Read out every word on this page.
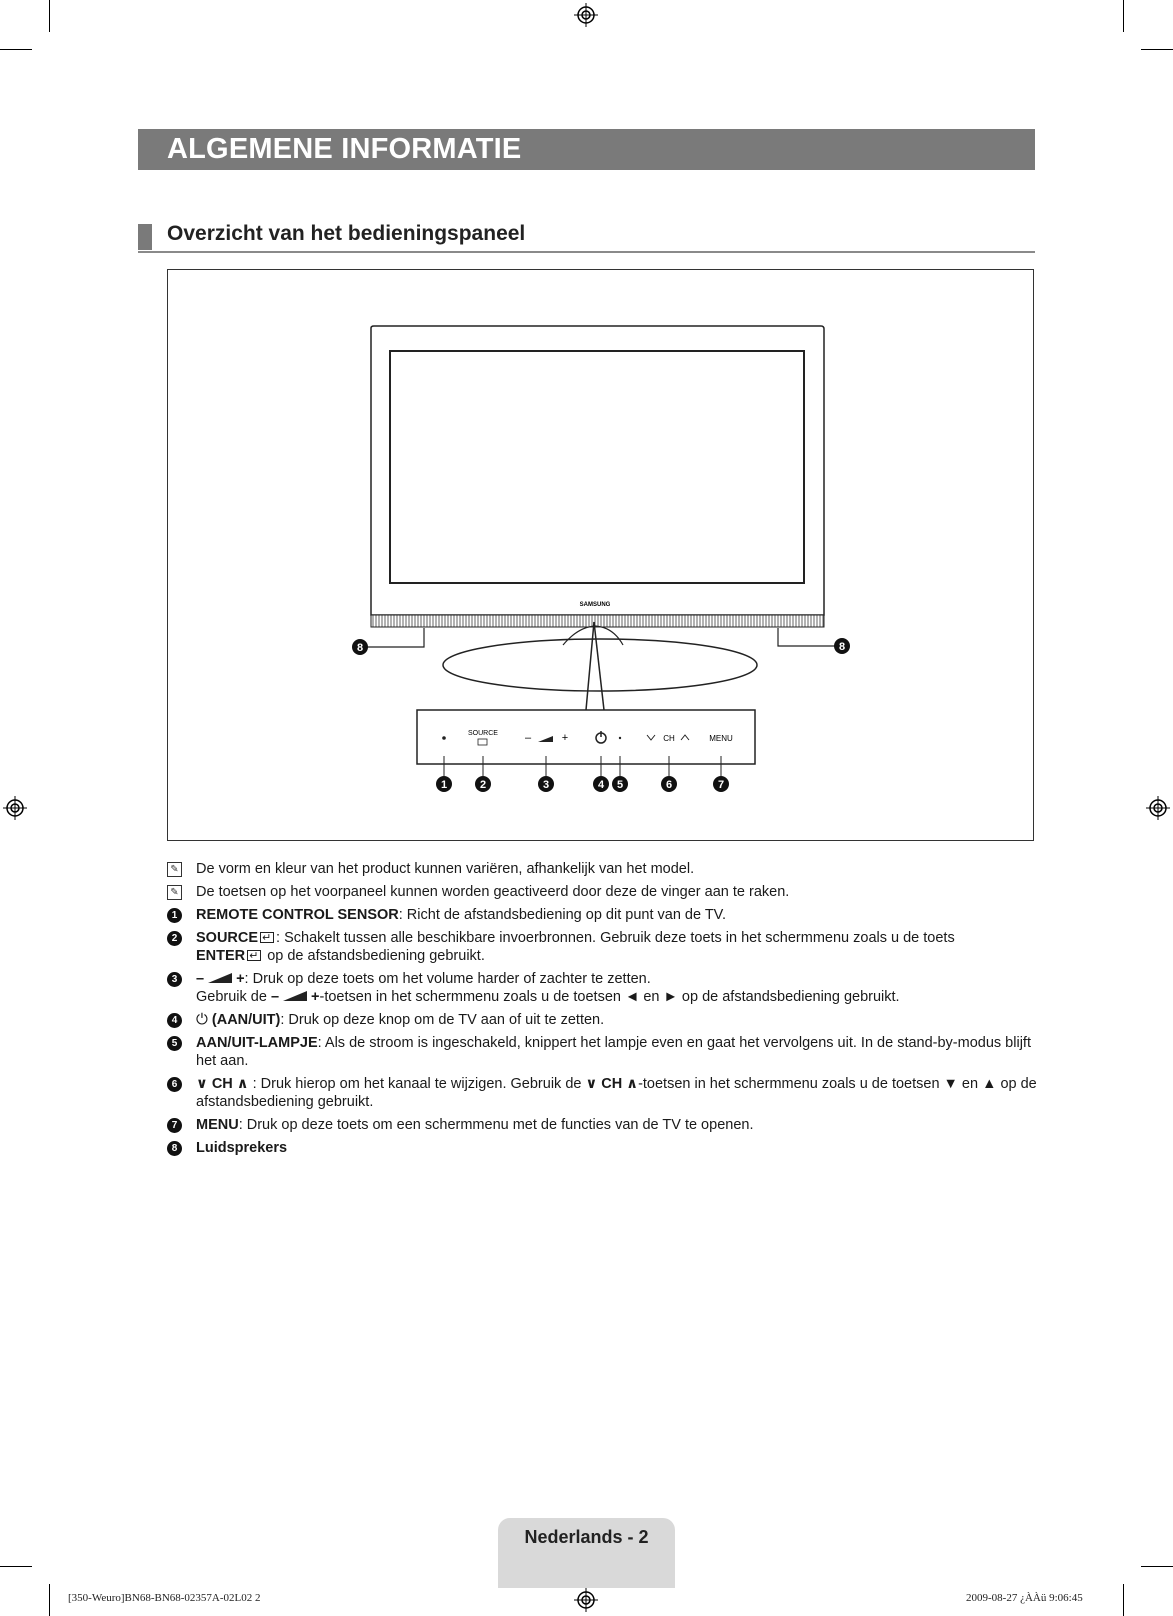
ALGEMENE INFORMATIE
Overzicht van het bedieningspaneel
SAMSUNG
8	8
SOURCE –	+	CH	MENU
1	2	3	4 5	6	7
✎ De vorm en kleur van het product kunnen variëren, afhankelijk van het model.
✎ De toetsen op het voorpaneel kunnen worden geactiveerd door deze de vinger aan te raken.
1	REMOTE CONTROL SENSOR: Richt de afstandsbediening op dit punt van de TV.
2	SOURCE ↵ : Schakelt tussen alle beschikbare invoerbronnen. Gebruik deze toets in het schermmenu zoals u de toets
ENTER ↵ op de afstandsbediening gebruikt.
3	– +: Druk op deze toets om het volume harder of zachter te zetten.
Gebruik de – +-toetsen in het schermmenu zoals u de toetsen ◄ en ► op de afstandsbediening gebruikt.
4	⏻ (AAN/UIT): Druk op deze knop om de TV aan of uit te zetten.
5	AAN/UIT-LAMPJE: Als de stroom is ingeschakeld, knippert het lampje even en gaat het vervolgens uit. In de stand-by-modus blijft het aan.
6	∨ CH ∧ : Druk hierop om het kanaal te wijzigen. Gebruik de ∨ CH ∧-toetsen in het schermmenu zoals u de toetsen ▼ en ▲ op de afstandsbediening gebruikt.
7	MENU: Druk op deze toets om een schermmenu met de functies van de TV te openen.
8	Luidsprekers
Nederlands - 2
[350-Weuro]BN68-BN68-02357A-02L02 2	2009-08-27 ¿ÀÀü 9:06:45
